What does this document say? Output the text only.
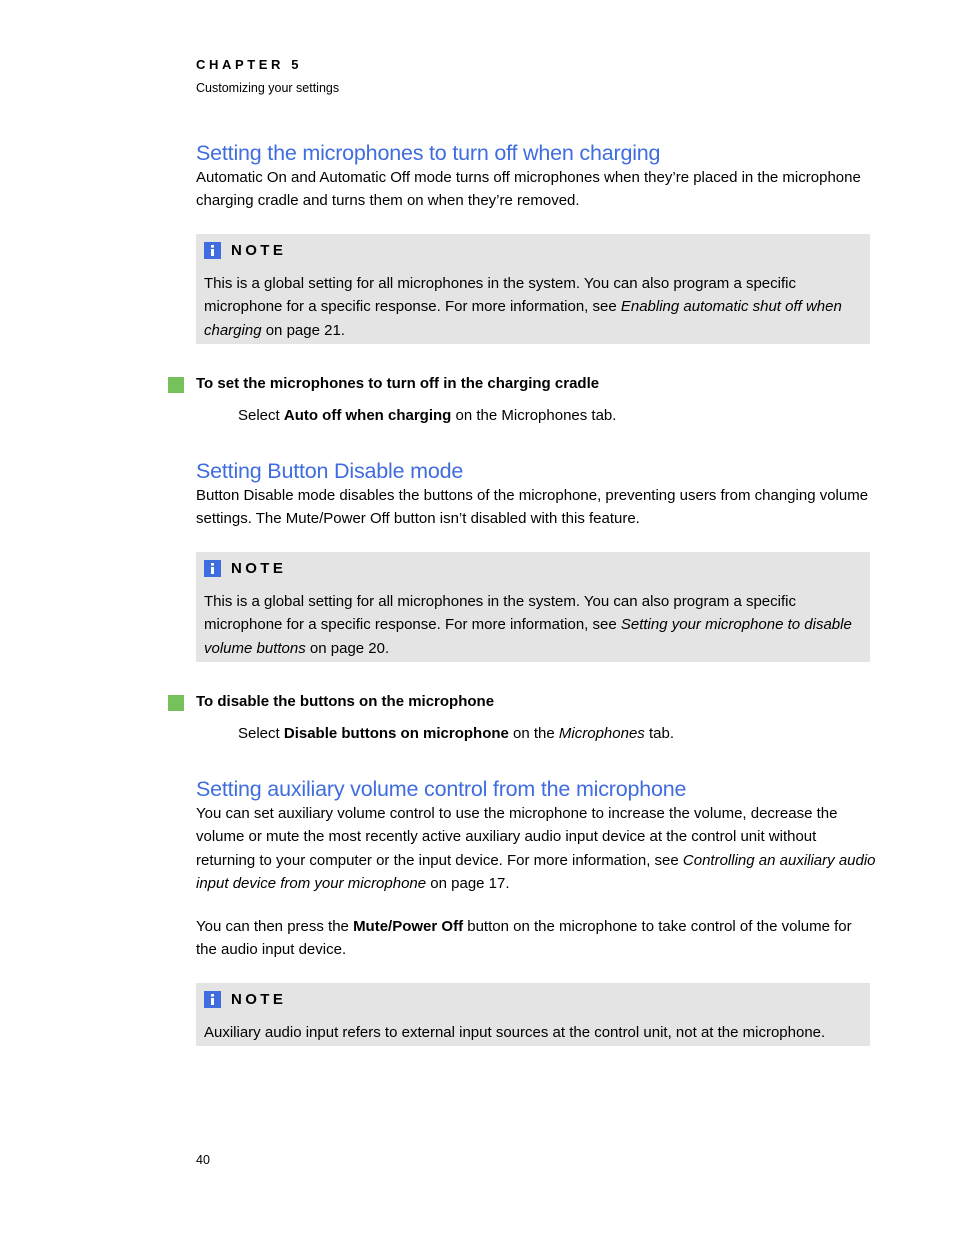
CHAPTER 5
Customizing your settings
Setting the microphones to turn off when charging

Automatic On and Automatic Off mode turns off microphones when they’re placed in the microphone charging cradle and turns them on when they’re removed.

NOTE

This is a global setting for all microphones in the system. You can also program a specific microphone for a specific response. For more information, see Enabling automatic shut off when charging on page 21.

To set the microphones to turn off in the charging cradle
Select Auto off when charging on the Microphones tab.
Setting Button Disable mode

Button Disable mode disables the buttons of the microphone, preventing users from changing volume settings. The Mute/Power Off button isn’t disabled with this feature.

NOTE

This is a global setting for all microphones in the system. You can also program a specific microphone for a specific response. For more information, see Setting your microphone to disable volume buttons on page 20.

To disable the buttons on the microphone
Select Disable buttons on microphone on the Microphones tab.
Setting auxiliary volume control from the microphone

You can set auxiliary volume control to use the microphone to increase the volume, decrease the volume or mute the most recently active auxiliary audio input device at the control unit without returning to your computer or the input device. For more information, see Controlling an auxiliary audio input device from your microphone on page 17.

You can then press the Mute/Power Off button on the microphone to take control of the volume for the audio input device.

NOTE

Auxiliary audio input refers to external input sources at the control unit, not at the microphone.

40
